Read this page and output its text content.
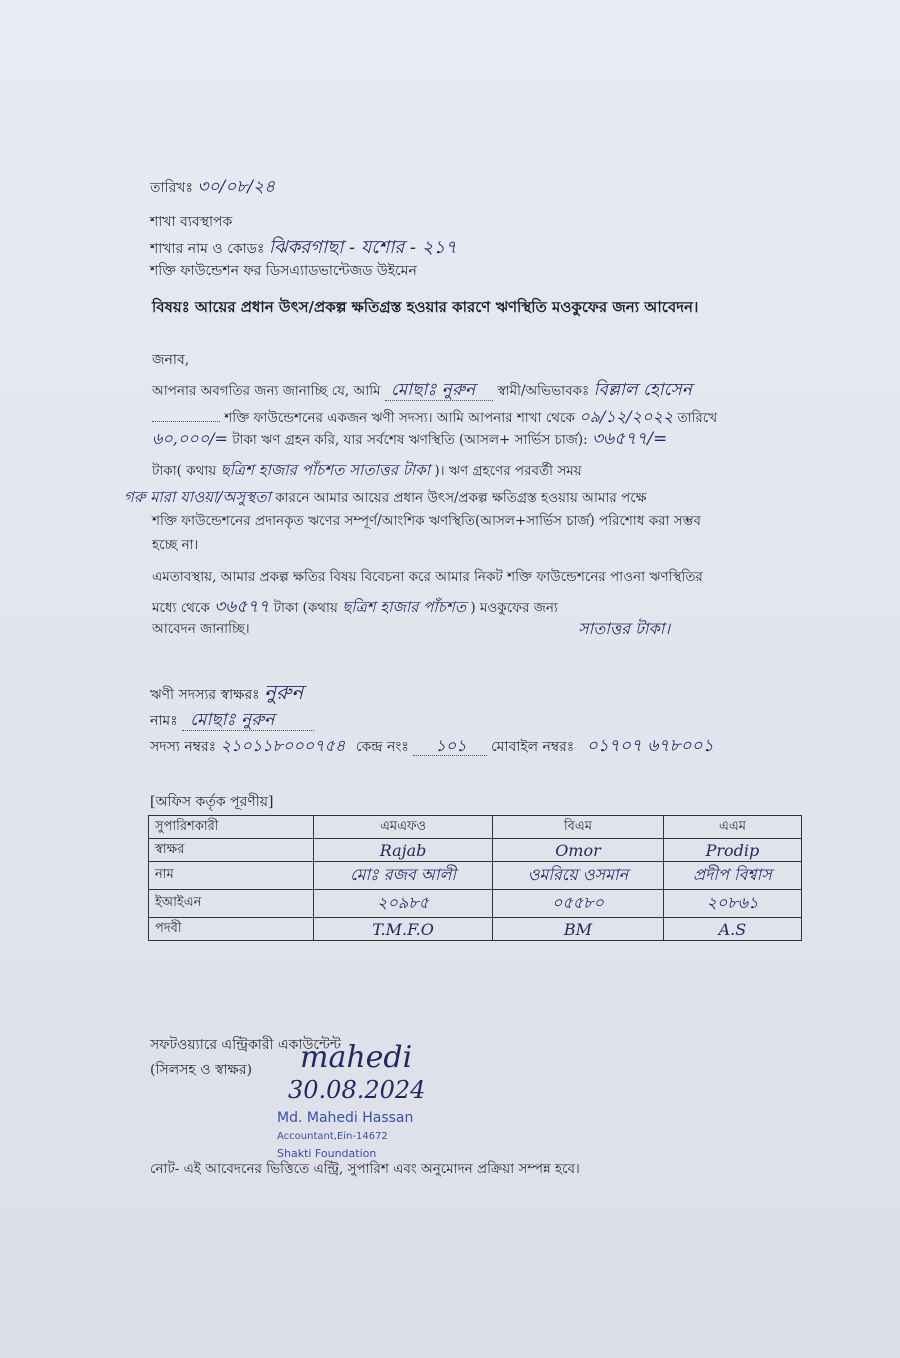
তারিখঃ ৩০/০৮/২৪
শাখা ব্যবস্থাপক
শাখার নাম ও কোডঃ ঝিকরগাছা - যশোর - ২১৭
শক্তি ফাউন্ডেশন ফর ডিসএ্যাডভান্টেজড উইমেন
বিষয়ঃ আয়ের প্রধান উৎস/প্রকল্প ক্ষতিগ্রস্ত হওয়ার কারণে ঋণস্থিতি মওকুফের জন্য আবেদন।
জনাব,
আপনার অবগতির জন্য জানাচ্ছি যে, আমি মোছাঃ নুরুন স্বামী/অভিভাবকঃ বিল্লাল হোসেন
শক্তি ফাউন্ডেশনের একজন ঋণী সদস্য। আমি আপনার শাখা থেকে ০৯/১২/২০২২ তারিখে
৬০,০০০/= টাকা ঋণ গ্রহন করি, যার সর্বশেষ ঋণস্থিতি (আসল+ সার্ভিস চার্জ): ৩৬৫৭৭/=
টাকা( কথায় ছত্রিশ হাজার পাঁচশত সাতাত্তর টাকা )। ঋণ গ্রহণের পরবর্তী সময়
গরু মারা যাওয়া/অসুস্থতা কারনে আমার আয়ের প্রধান উৎস/প্রকল্প ক্ষতিগ্রস্ত হওয়ায় আমার পক্ষে
শক্তি ফাউন্ডেশনের প্রদানকৃত ঋণের সম্পূর্ণ/আংশিক ঋণস্থিতি(আসল+সার্ভিস চার্জ) পরিশোধ করা সম্ভব
হচ্ছে না।
এমতাবস্থায়, আমার প্রকল্প ক্ষতির বিষয় বিবেচনা করে আমার নিকট শক্তি ফাউন্ডেশনের পাওনা ঋণস্থিতির
মধ্যে থেকে ৩৬৫৭৭ টাকা (কথায় ছত্রিশ হাজার পাঁচশত ) মওকুফের জন্য
আবেদন জানাচ্ছি।	সাতাত্তর টাকা।
ঋণী সদস্যর স্বাক্ষরঃ নুরুন
নামঃ মোছাঃ নুরুন
সদস্য নম্বরঃ ২১০১১৮০০০৭৫৪ কেন্দ্র নংঃ ১০১ মোবাইল নম্বরঃ ০১৭০৭ ৬৭৮০০১
[অফিস কর্তৃক পূরণীয়]
সুপারিশকারী	এমএফও	বিএম	এএম
স্বাক্ষর	Rajab	Omor	Prodip
নাম	মোঃ রজব আলী	ওমরিয়ে ওসমান	প্রদীপ বিশ্বাস
ইআইএন	২০৯৮৫	০৫৫৮০	২০৮৬১
পদবী	T.M.F.O	BM	A.S
সফটওয়্যারে এন্ট্রিকারী একাউন্টেন্ট
(সিলসহ ও স্বাক্ষর) mahedi
30.08.2024
Md. Mahedi Hassan
Accountant,Ein-14672
Shakti Foundation
নোট- এই আবেদনের ভিত্তিতে এন্ট্রি, সুপারিশ এবং অনুমোদন প্রক্রিয়া সম্পন্ন হবে।
